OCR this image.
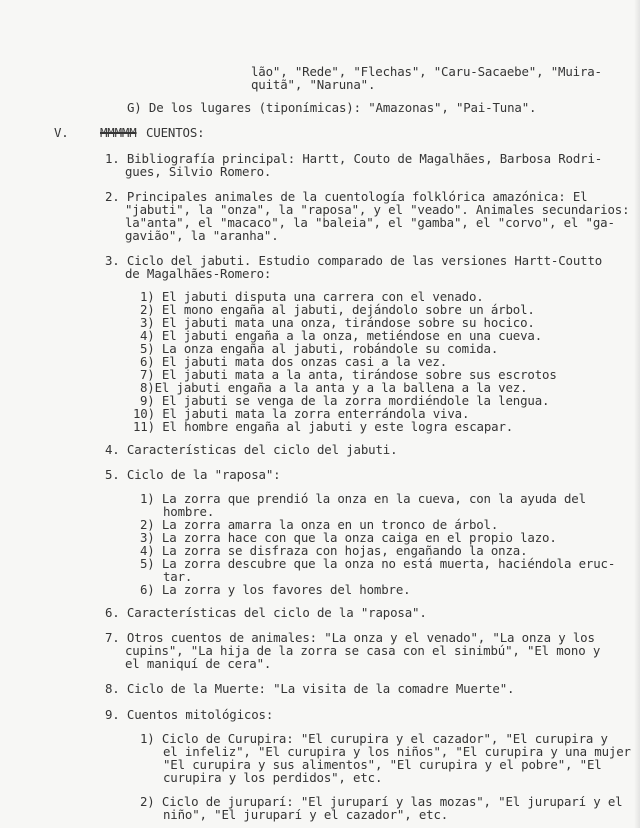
lão", "Rede", "Flechas", "Caru-Sacaebe", "Muira-
quitã", "Naruna".
G) De los lugares (tiponímicas): "Amazonas", "Pai-Tuna".
V.	MMMMM CUENTOS:
1. Bibliografía principal: Hartt, Couto de Magalhães, Barbosa Rodri-
gues, Silvio Romero.
2. Principales animales de la cuentología folklórica amazónica: El
"jabuti", la "onza", la "raposa", y el "veado". Animales secundarios:
la"anta", el "macaco", la "baleia", el "gamba", el "corvo", el "ga-
gavião", la "aranha".
3. Ciclo del jabuti. Estudio comparado de las versiones Hartt-Coutto
de Magalhães-Romero:
1) El jabuti disputa una carrera con el venado.
2) El mono engaña al jabuti, dejándolo sobre un árbol.
3) El jabuti mata una onza, tirándose sobre su hocico.
4) El jabuti engaña a la onza, metiéndose en una cueva.
5) La onza engaña al jabuti, robándole su comida.
6) El jabuti mata dos onzas casi a la vez.
7) El jabuti mata a la anta, tirándose sobre sus escrotos
8)El jabuti engaña a la anta y a la ballena a la vez.
9) El jabuti se venga de la zorra mordiéndole la lengua.
10) El jabuti mata la zorra enterrándola viva.
11) El hombre engaña al jabuti y este logra escapar.
4. Características del ciclo del jabuti.
5. Ciclo de la "raposa":
1) La zorra que prendió la onza en la cueva, con la ayuda del
hombre.
2) La zorra amarra la onza en un tronco de árbol.
3) La zorra hace con que la onza caiga en el propio lazo.
4) La zorra se disfraza con hojas, engañando la onza.
5) La zorra descubre que la onza no está muerta, haciéndola eruc-
tar.
6) La zorra y los favores del hombre.
6. Características del ciclo de la "raposa".
7. Otros cuentos de animales: "La onza y el venado", "La onza y los
cupins", "La hija de la zorra se casa con el sinimbú", "El mono y
el maniquí de cera".
8. Ciclo de la Muerte: "La visita de la comadre Muerte".
9. Cuentos mitológicos:
1) Ciclo de Curupira: "El curupira y el cazador", "El curupira y
el infeliz", "El curupira y los niños", "El curupira y una mujer
"El curupira y sus alimentos", "El curupira y el pobre", "El
curupira y los perdidos", etc.
2) Ciclo de juruparí: "El juruparí y las mozas", "El juruparí y el
niño", "El juruparí y el cazador", etc.
